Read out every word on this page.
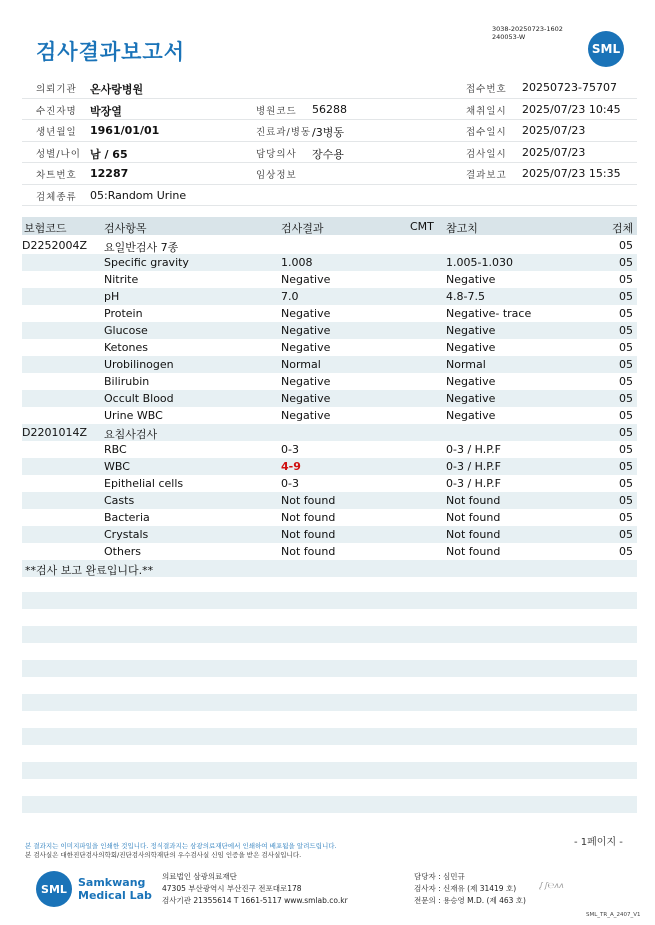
검사결과보고서
3038-20250723-1602
240053-W
SML
의뢰기관 온사랑병원	접수번호 20250723-75707
수진자명 박장열	병원코드 56288	채취일시 2025/07/23 10:45
생년월일 1961/01/01	진료과/병동 /3병동	접수일시 2025/07/23
성별/나이 남 / 65	담당의사 장수용	검사일시 2025/07/23
차트번호 12287	임상정보	결과보고 2025/07/23 15:35
검체종류 05:Random Urine
보험코드	검사항목	검사결과	CMT 참고치	검체
D2252004Z 요일반검사 7종	05
Specific gravity	1.008	1.005-1.030	05
Nitrite	Negative	Negative	05
pH	7.0	4.8-7.5	05
Protein	Negative	Negative- trace	05
Glucose	Negative	Negative	05
Ketones	Negative	Negative	05
Urobilinogen	Normal	Normal	05
Bilirubin	Negative	Negative	05
Occult Blood	Negative	Negative	05
Urine WBC	Negative	Negative	05
D2201014Z 요침사검사	05
RBC	0-3	0-3 / H.P.F	05
WBC	4-9	0-3 / H.P.F	05
Epithelial cells	0-3	0-3 / H.P.F	05
Casts	Not found	Not found	05
Bacteria	Not found	Not found	05
Crystals	Not found	Not found	05
Others	Not found	Not found	05
**검사 보고 완료입니다.**
본 결과지는 이미지파일을 인쇄한 것입니다. 정식결과지는 삼광의료재단에서 인쇄하여 배포됨을 알려드립니다.
본 검사실은 대한진단검사의학회/진단검사의학재단의 우수검사실 신임 인증을 받은 검사실입니다.
- 1페이지 -
SML	Samkwang
Medical Lab
의료법인 삼광의료재단
47305 부산광역시 부산진구 전포대로178
검사기관 21355614 T 1661-5117 www.smlab.co.kr
담당자 : 심민규
검사자 : 신재유 (제 31419 호)
전문의 : 용승영 M.D. (제 463 호)
ᶘ ʃ℮ᴧᴧ
SML_TR_A_2407_V1
